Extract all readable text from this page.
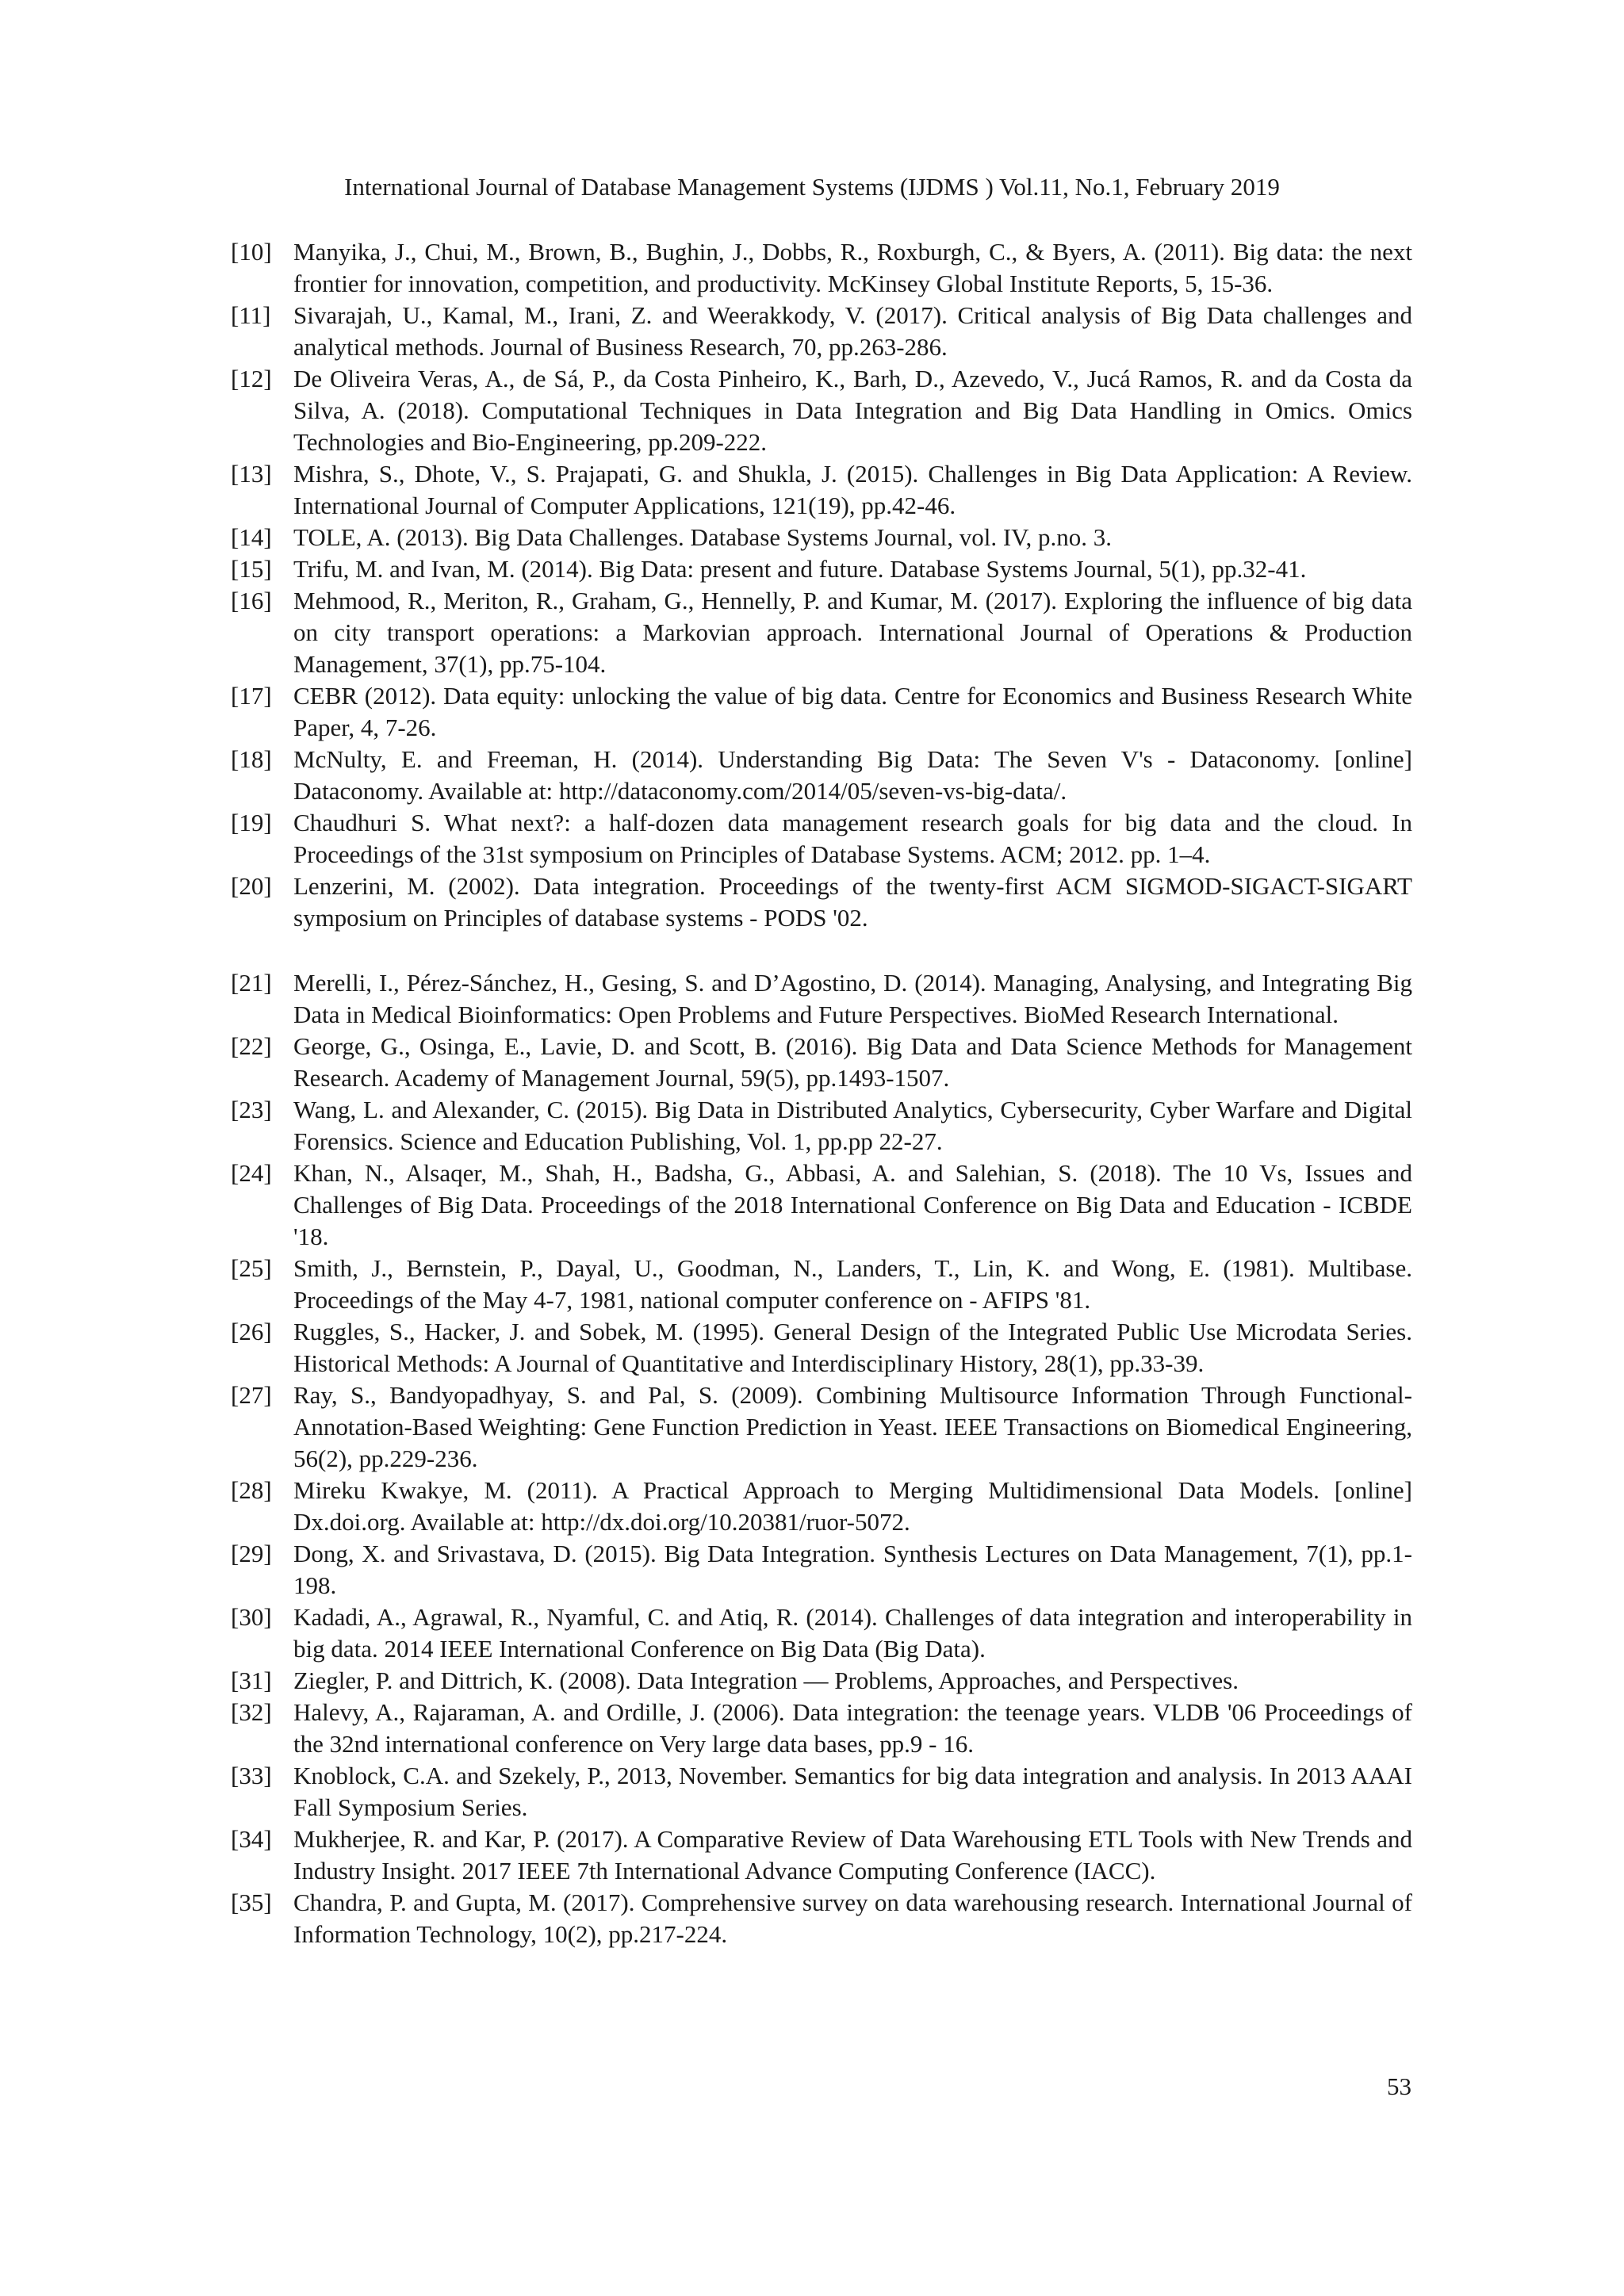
International Journal of Database Management Systems (IJDMS ) Vol.11, No.1, February 2019
[10] Manyika, J., Chui, M., Brown, B., Bughin, J., Dobbs, R., Roxburgh, C., & Byers, A. (2011). Big data: the next frontier for innovation, competition, and productivity. McKinsey Global Institute Reports, 5, 15-36.
[11] Sivarajah, U., Kamal, M., Irani, Z. and Weerakkody, V. (2017). Critical analysis of Big Data challenges and analytical methods. Journal of Business Research, 70, pp.263-286.
[12] De Oliveira Veras, A., de Sá, P., da Costa Pinheiro, K., Barh, D., Azevedo, V., Jucá Ramos, R. and da Costa da Silva, A. (2018). Computational Techniques in Data Integration and Big Data Handling in Omics. Omics Technologies and Bio-Engineering, pp.209-222.
[13] Mishra, S., Dhote, V., S. Prajapati, G. and Shukla, J. (2015). Challenges in Big Data Application: A Review. International Journal of Computer Applications, 121(19), pp.42-46.
[14] TOLE, A. (2013). Big Data Challenges. Database Systems Journal, vol. IV, p.no. 3.
[15] Trifu, M. and Ivan, M. (2014). Big Data: present and future. Database Systems Journal, 5(1), pp.32-41.
[16] Mehmood, R., Meriton, R., Graham, G., Hennelly, P. and Kumar, M. (2017). Exploring the influence of big data on city transport operations: a Markovian approach. International Journal of Operations & Production Management, 37(1), pp.75-104.
[17] CEBR (2012). Data equity: unlocking the value of big data. Centre for Economics and Business Research White Paper, 4, 7-26.
[18] McNulty, E. and Freeman, H. (2014). Understanding Big Data: The Seven V's - Dataconomy. [online] Dataconomy. Available at: http://dataconomy.com/2014/05/seven-vs-big-data/.
[19] Chaudhuri S. What next?: a half-dozen data management research goals for big data and the cloud. In Proceedings of the 31st symposium on Principles of Database Systems. ACM; 2012. pp. 1–4.
[20] Lenzerini, M. (2002). Data integration. Proceedings of the twenty-first ACM SIGMOD-SIGACT-SIGART symposium on Principles of database systems - PODS '02.
[21] Merelli, I., Pérez-Sánchez, H., Gesing, S. and D’Agostino, D. (2014). Managing, Analysing, and Integrating Big Data in Medical Bioinformatics: Open Problems and Future Perspectives. BioMed Research International.
[22] George, G., Osinga, E., Lavie, D. and Scott, B. (2016). Big Data and Data Science Methods for Management Research. Academy of Management Journal, 59(5), pp.1493-1507.
[23] Wang, L. and Alexander, C. (2015). Big Data in Distributed Analytics, Cybersecurity, Cyber Warfare and Digital Forensics. Science and Education Publishing, Vol. 1, pp.pp 22-27.
[24] Khan, N., Alsaqer, M., Shah, H., Badsha, G., Abbasi, A. and Salehian, S. (2018). The 10 Vs, Issues and Challenges of Big Data. Proceedings of the 2018 International Conference on Big Data and Education - ICBDE '18.
[25] Smith, J., Bernstein, P., Dayal, U., Goodman, N., Landers, T., Lin, K. and Wong, E. (1981). Multibase. Proceedings of the May 4-7, 1981, national computer conference on - AFIPS '81.
[26] Ruggles, S., Hacker, J. and Sobek, M. (1995). General Design of the Integrated Public Use Microdata Series. Historical Methods: A Journal of Quantitative and Interdisciplinary History, 28(1), pp.33-39.
[27] Ray, S., Bandyopadhyay, S. and Pal, S. (2009). Combining Multisource Information Through Functional-Annotation-Based Weighting: Gene Function Prediction in Yeast. IEEE Transactions on Biomedical Engineering, 56(2), pp.229-236.
[28] Mireku Kwakye, M. (2011). A Practical Approach to Merging Multidimensional Data Models. [online] Dx.doi.org. Available at: http://dx.doi.org/10.20381/ruor-5072.
[29] Dong, X. and Srivastava, D. (2015). Big Data Integration. Synthesis Lectures on Data Management, 7(1), pp.1-198.
[30] Kadadi, A., Agrawal, R., Nyamful, C. and Atiq, R. (2014). Challenges of data integration and interoperability in big data. 2014 IEEE International Conference on Big Data (Big Data).
[31] Ziegler, P. and Dittrich, K. (2008). Data Integration — Problems, Approaches, and Perspectives.
[32] Halevy, A., Rajaraman, A. and Ordille, J. (2006). Data integration: the teenage years. VLDB '06 Proceedings of the 32nd international conference on Very large data bases, pp.9 - 16.
[33] Knoblock, C.A. and Szekely, P., 2013, November. Semantics for big data integration and analysis. In 2013 AAAI Fall Symposium Series.
[34] Mukherjee, R. and Kar, P. (2017). A Comparative Review of Data Warehousing ETL Tools with New Trends and Industry Insight. 2017 IEEE 7th International Advance Computing Conference (IACC).
[35] Chandra, P. and Gupta, M. (2017). Comprehensive survey on data warehousing research. International Journal of Information Technology, 10(2), pp.217-224.
53
